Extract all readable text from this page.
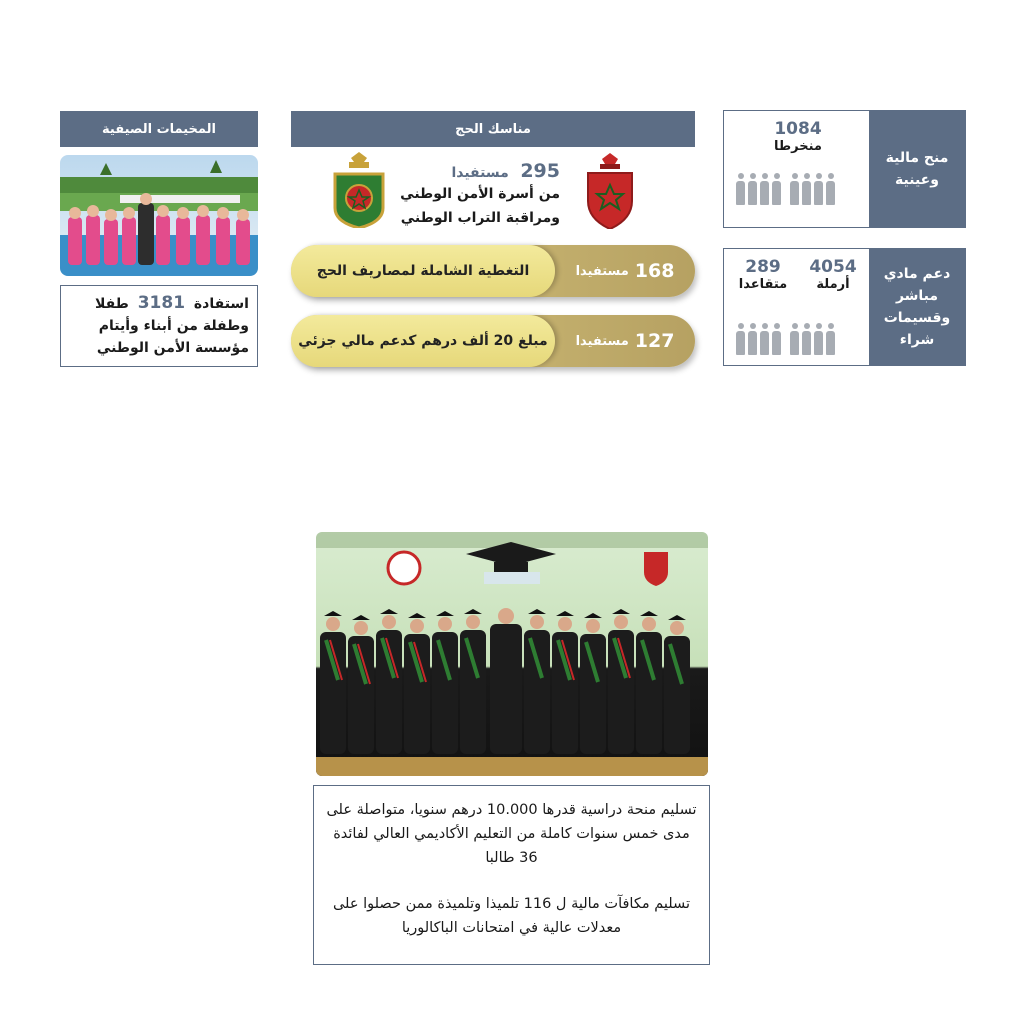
المخيمات الصيفية
استفادة 3181 طفلا
وطفلة من أبناء وأيتام
مؤسسة الأمن الوطني
مناسك الحج
295 مستفيدا
من أسرة الأمن الوطني
ومراقبة التراب الوطني
168
مستفيدا
التغطية الشاملة لمصاريف الحج
127
مستفيدا
مبلغ 20 ألف درهم كدعم مالي جزئي
منح مالية وعينية
1084
منخرطا
دعم مادي مباشر وقسيمات شراء
4054
أرملة
289
متقاعدا

تسليم منحة دراسية قدرها 10.000 درهم سنويا، متواصلة على مدى خمس سنوات كاملة من التعليم الأكاديمي العالي لفائدة 36 طالبا

تسليم مكافآت مالية ل 116 تلميذا وتلميذة ممن حصلوا على معدلات عالية في امتحانات الباكالوريا
